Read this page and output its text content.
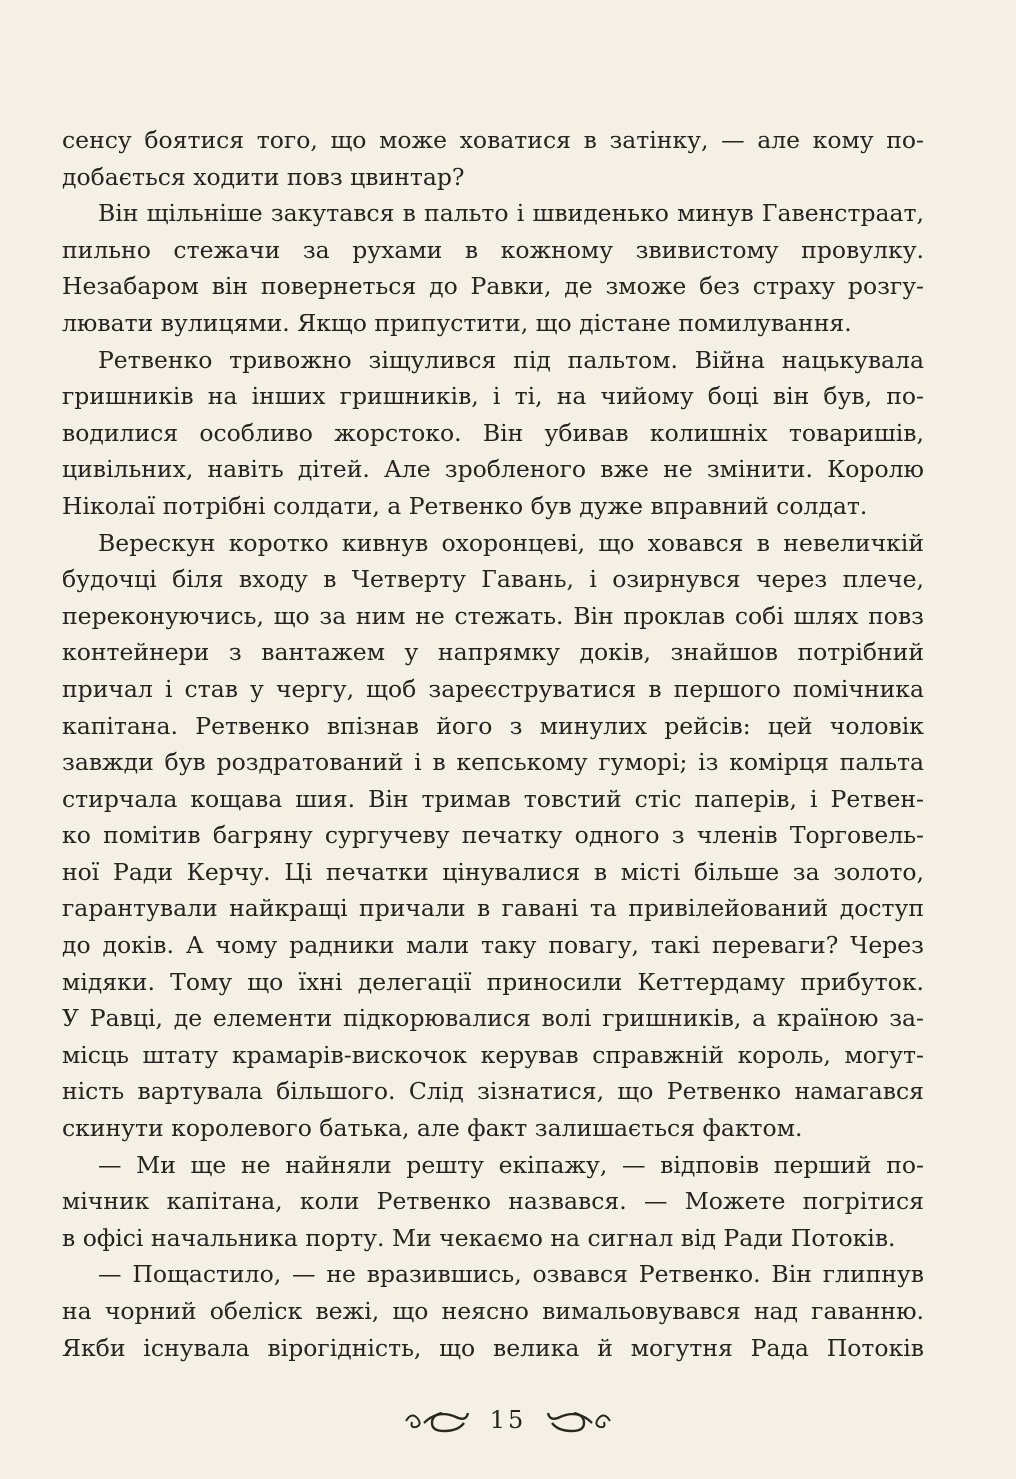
сенсу боятися того, що може ховатися в затінку, — але кому по-
добається ходити повз цвинтар?
Він щільніше закутався в пальто і швиденько минув Гавенстраат,
пильно стежачи за рухами в кожному звивистому провулку.
Незабаром він повернеться до Равки, де зможе без страху розгу-
лювати вулицями. Якщо припустити, що дістане помилування.
Ретвенко тривожно зіщулився під пальтом. Війна нацькувала
гришників на інших гришників, і ті, на чийому боці він був, по-
водилися особливо жорстоко. Він убивав колишніх товаришів,
цивільних, навіть дітей. Але зробленого вже не змінити. Королю
Ніколаї потрібні солдати, а Ретвенко був дуже вправний солдат.
Верескун коротко кивнув охоронцеві, що ховався в невеличкій
будочці біля входу в Четверту Гавань, і озирнувся через плече,
переконуючись, що за ним не стежать. Він проклав собі шлях повз
контейнери з вантажем у напрямку доків, знайшов потрібний
причал і став у чергу, щоб зареєструватися в першого помічника
капітана. Ретвенко впізнав його з минулих рейсів: цей чоловік
завжди був роздратований і в кепському гуморі; із комірця пальта
стирчала кощава шия. Він тримав товстий стіс паперів, і Ретвен-
ко помітив багряну сургучеву печатку одного з членів Торговель-
ної Ради Керчу. Ці печатки цінувалися в місті більше за золото,
гарантували найкращі причали в гавані та привілейований доступ
до доків. А чому радники мали таку повагу, такі переваги? Через
мідяки. Тому що їхні делегації приносили Кеттердаму прибуток.
У Равці, де елементи підкорювалися волі гришників, а країною за-
місць штату крамарів-вискочок керував справжній король, могут-
ність вартувала більшого. Слід зізнатися, що Ретвенко намагався
скинути королевого батька, але факт залишається фактом.
— Ми ще не найняли решту екіпажу, — відповів перший по-
мічник капітана, коли Ретвенко назвався. — Можете погрітися
в офісі начальника порту. Ми чекаємо на сигнал від Ради Потоків.
— Пощастило, — не вразившись, озвався Ретвенко. Він глипнув
на чорний обеліск вежі, що неясно вимальовувався над гаванню.
Якби існувала вірогідність, що велика й могутня Рада Потоків
15
